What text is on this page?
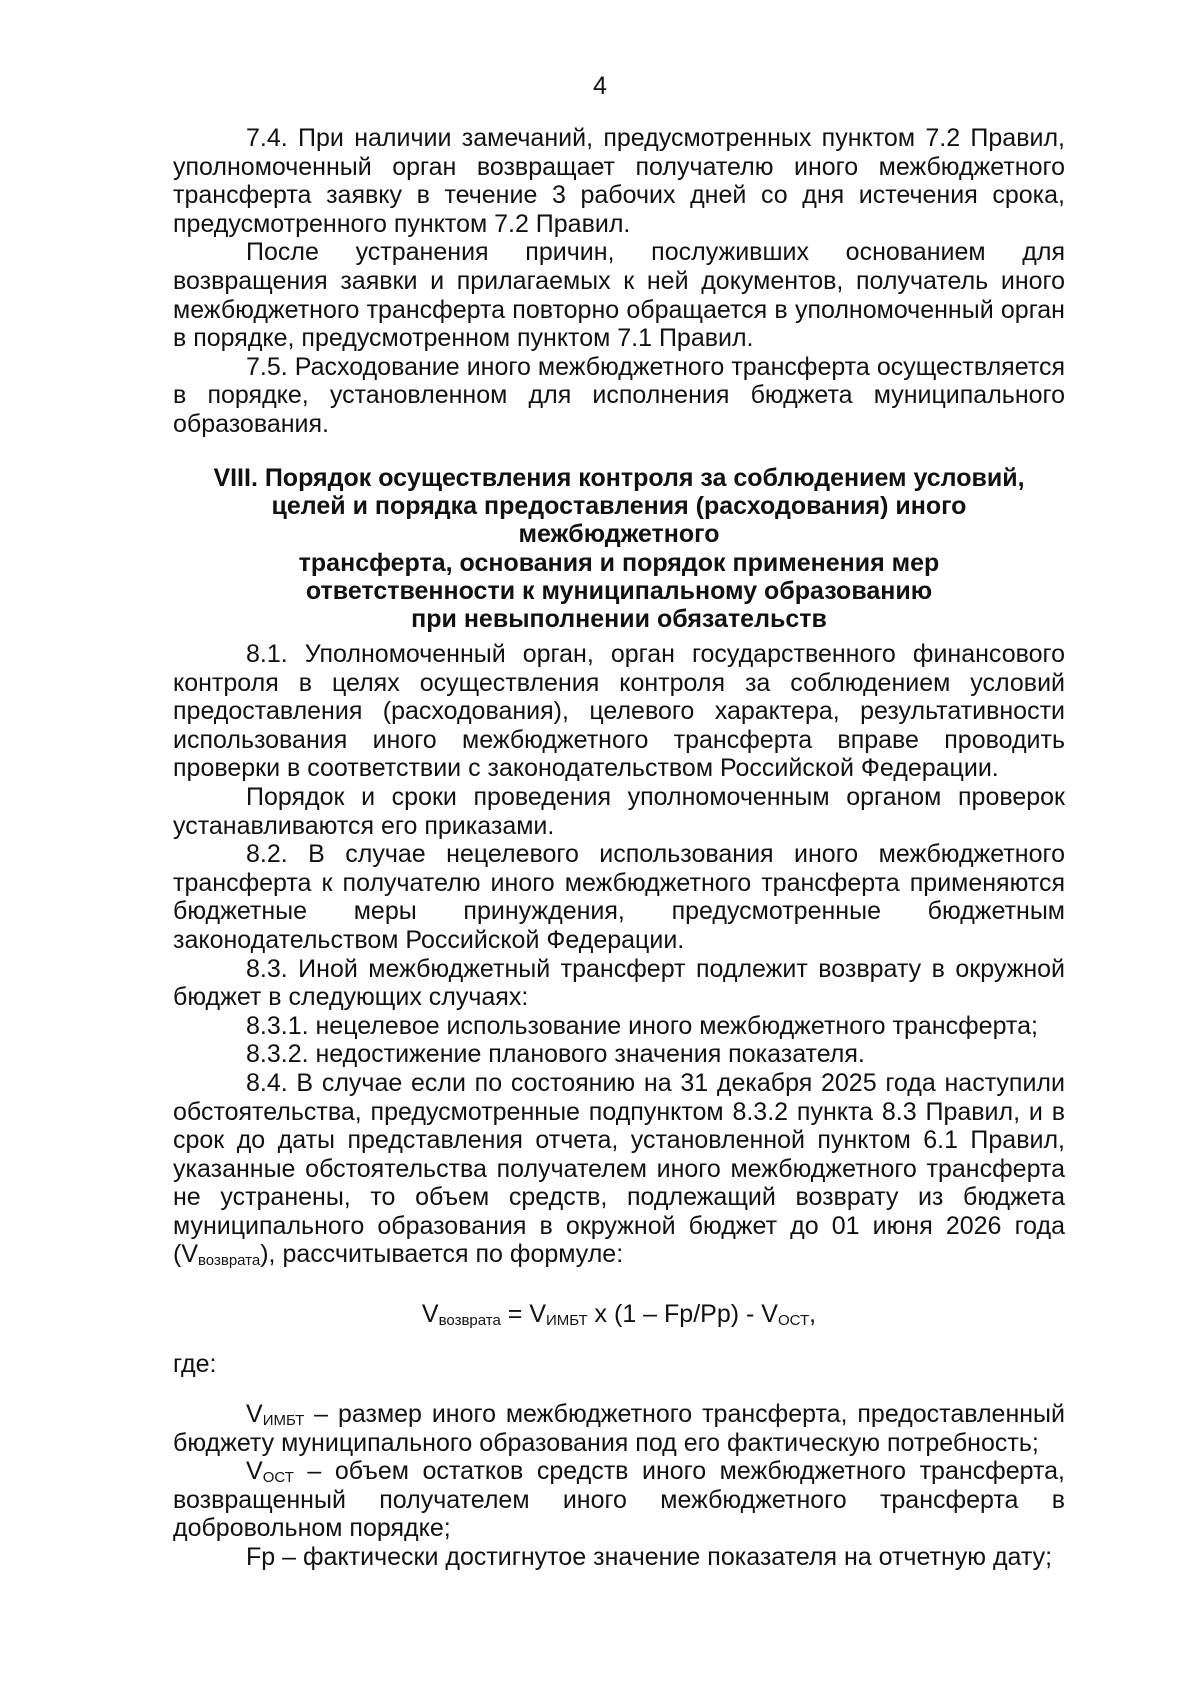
4

7.4. При наличии замечаний, предусмотренных пунктом 7.2 Правил, уполномоченный орган возвращает получателю иного межбюджетного трансферта заявку в течение 3 рабочих дней со дня истечения срока, предусмотренного пунктом 7.2 Правил.

После устранения причин, послуживших основанием для возвращения заявки и прилагаемых к ней документов, получатель иного межбюджетного трансферта повторно обращается в уполномоченный орган в порядке, предусмотренном пунктом 7.1 Правил.

7.5. Расходование иного межбюджетного трансферта осуществляется в порядке, установленном для исполнения бюджета муниципального образования.

VIII. Порядок осуществления контроля за соблюдением условий,
целей и порядка предоставления (расходования) иного межбюджетного
трансферта, основания и порядок применения мер
ответственности к муниципальному образованию
при невыполнении обязательств

8.1. Уполномоченный орган, орган государственного финансового контроля в целях осуществления контроля за соблюдением условий предоставления (расходования), целевого характера, результативности использования иного межбюджетного трансферта вправе проводить проверки в соответствии с законодательством Российской Федерации.

Порядок и сроки проведения уполномоченным органом проверок устанавливаются его приказами.

8.2. В случае нецелевого использования иного межбюджетного трансферта к получателю иного межбюджетного трансферта применяются бюджетные меры принуждения, предусмотренные бюджетным законодательством Российской Федерации.

8.3. Иной межбюджетный трансферт подлежит возврату в окружной бюджет в следующих случаях:

8.3.1. нецелевое использование иного межбюджетного трансферта;

8.3.2. недостижение планового значения показателя.

8.4. В случае если по состоянию на 31 декабря 2025 года наступили обстоятельства, предусмотренные подпунктом 8.3.2 пункта 8.3 Правил, и в срок до даты представления отчета, установленной пунктом 6.1 Правил, указанные обстоятельства получателем иного межбюджетного трансферта не устранены, то объем средств, подлежащий возврату из бюджета муниципального образования в окружной бюджет до 01 июня 2026 года $(V_{возврата})$, рассчитывается по формуле:

$V_{возврата} = V_{ИМБТ}$ x $(1 - Fp/Pp) - V_{ОСТ}$,

где:

$V_{ИМБТ}$ – размер иного межбюджетного трансферта, предоставленный бюджету муниципального образования под его фактическую потребность;

$V_{ОСТ}$ – объем остатков средств иного межбюджетного трансферта, возвращенный получателем иного межбюджетного трансферта в добровольном порядке;

Fp – фактически достигнутое значение показателя на отчетную дату;
